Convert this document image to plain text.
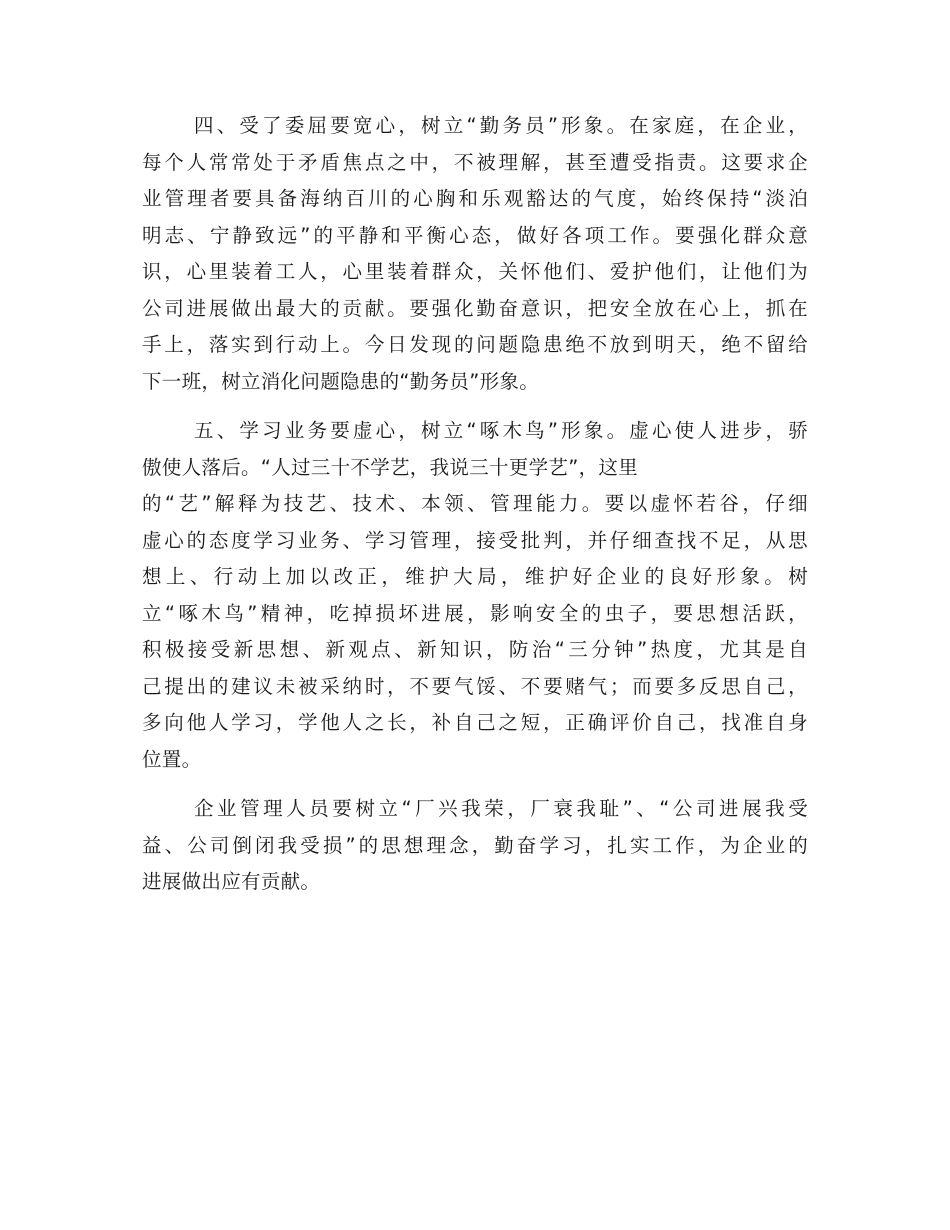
四、受了委屈要宽心，树立“勤务员”形象。在家庭，在企业，
每个人常常处于矛盾焦点之中，不被理解，甚至遭受指责。这要求企
业管理者要具备海纳百川的心胸和乐观豁达的气度，始终保持“淡泊
明志、宁静致远”的平静和平衡心态，做好各项工作。要强化群众意
识，心里装着工人，心里装着群众，关怀他们、爱护他们，让他们为
公司进展做出最大的贡献。要强化勤奋意识，把安全放在心上，抓在
手上，落实到行动上。今日发现的问题隐患绝不放到明天，绝不留给
下一班，树立消化问题隐患的“勤务员”形象。
五、学习业务要虚心，树立“啄木鸟”形象。虚心使人进步，骄
傲使人落后。“人过三十不学艺，我说三十更学艺”，这里
的“艺”解释为技艺、技术、本领、管理能力。要以虚怀若谷，仔细
虚心的态度学习业务、学习管理，接受批判，并仔细查找不足，从思
想上、行动上加以改正，维护大局，维护好企业的良好形象。树
立“啄木鸟”精神，吃掉损坏进展，影响安全的虫子，要思想活跃，
积极接受新思想、新观点、新知识，防治“三分钟”热度，尤其是自
己提出的建议未被采纳时，不要气馁、不要赌气；而要多反思自己，
多向他人学习，学他人之长，补自己之短，正确评价自己，找准自身
位置。
企业管理人员要树立“厂兴我荣，厂衰我耻”、“公司进展我受
益、公司倒闭我受损”的思想理念，勤奋学习，扎实工作，为企业的
进展做出应有贡献。
